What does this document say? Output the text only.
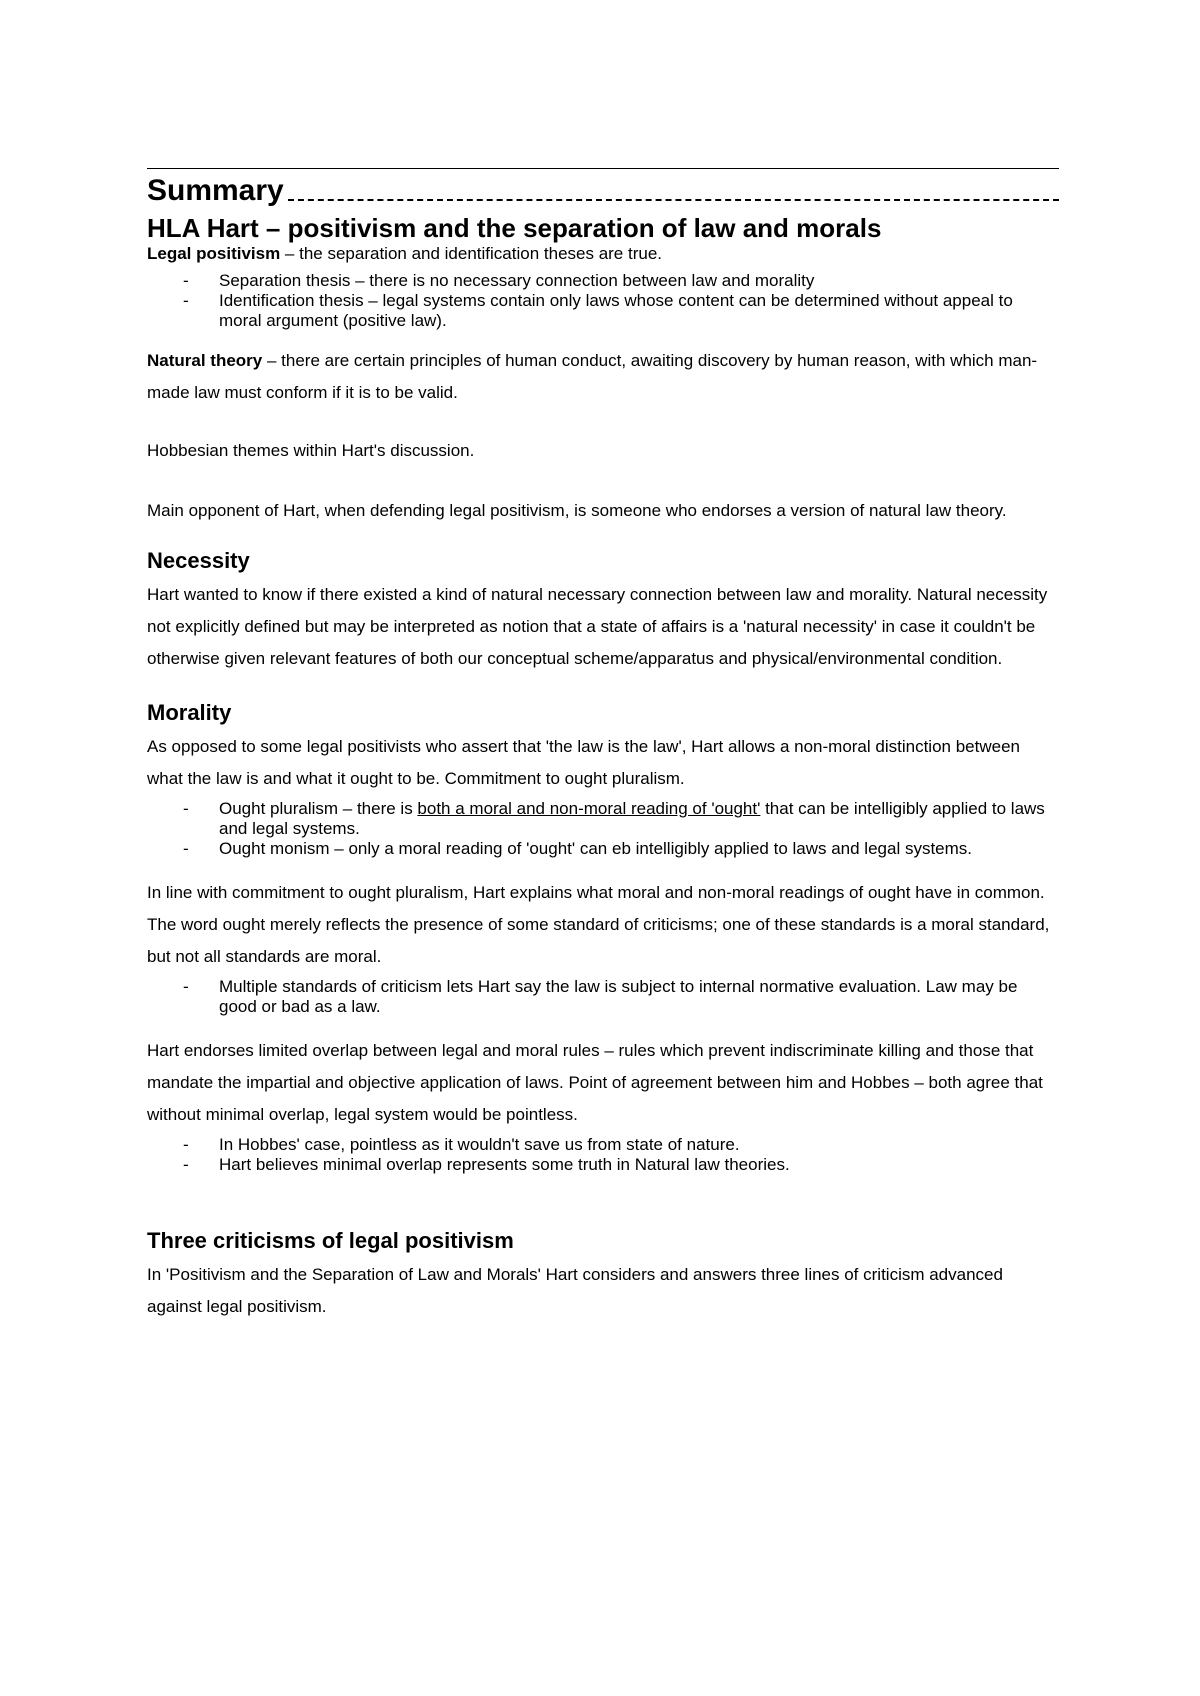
Summary
HLA Hart – positivism and the separation of law and morals

Legal positivism – the separation and identification theses are true.

- Separation thesis – there is no necessary connection between law and morality
- Identification thesis – legal systems contain only laws whose content can be determined without appeal to moral argument (positive law).

Natural theory – there are certain principles of human conduct, awaiting discovery by human reason, with which man-made law must conform if it is to be valid.

Hobbesian themes within Hart's discussion.

Main opponent of Hart, when defending legal positivism, is someone who endorses a version of natural law theory.

Necessity

Hart wanted to know if there existed a kind of natural necessary connection between law and morality. Natural necessity not explicitly defined but may be interpreted as notion that a state of affairs is a 'natural necessity' in case it couldn't be otherwise given relevant features of both our conceptual scheme/apparatus and physical/environmental condition.

Morality

As opposed to some legal positivists who assert that 'the law is the law', Hart allows a non-moral distinction between what the law is and what it ought to be. Commitment to ought pluralism.

- Ought pluralism – there is both a moral and non-moral reading of 'ought' that can be intelligibly applied to laws and legal systems.
- Ought monism – only a moral reading of 'ought' can eb intelligibly applied to laws and legal systems.

In line with commitment to ought pluralism, Hart explains what moral and non-moral readings of ought have in common. The word ought merely reflects the presence of some standard of criticisms; one of these standards is a moral standard, but not all standards are moral.

- Multiple standards of criticism lets Hart say the law is subject to internal normative evaluation. Law may be good or bad as a law.

Hart endorses limited overlap between legal and moral rules – rules which prevent indiscriminate killing and those that mandate the impartial and objective application of laws. Point of agreement between him and Hobbes – both agree that without minimal overlap, legal system would be pointless.

- In Hobbes' case, pointless as it wouldn't save us from state of nature.
- Hart believes minimal overlap represents some truth in Natural law theories.
Three criticisms of legal positivism

In 'Positivism and the Separation of Law and Morals' Hart considers and answers three lines of criticism advanced against legal positivism.
